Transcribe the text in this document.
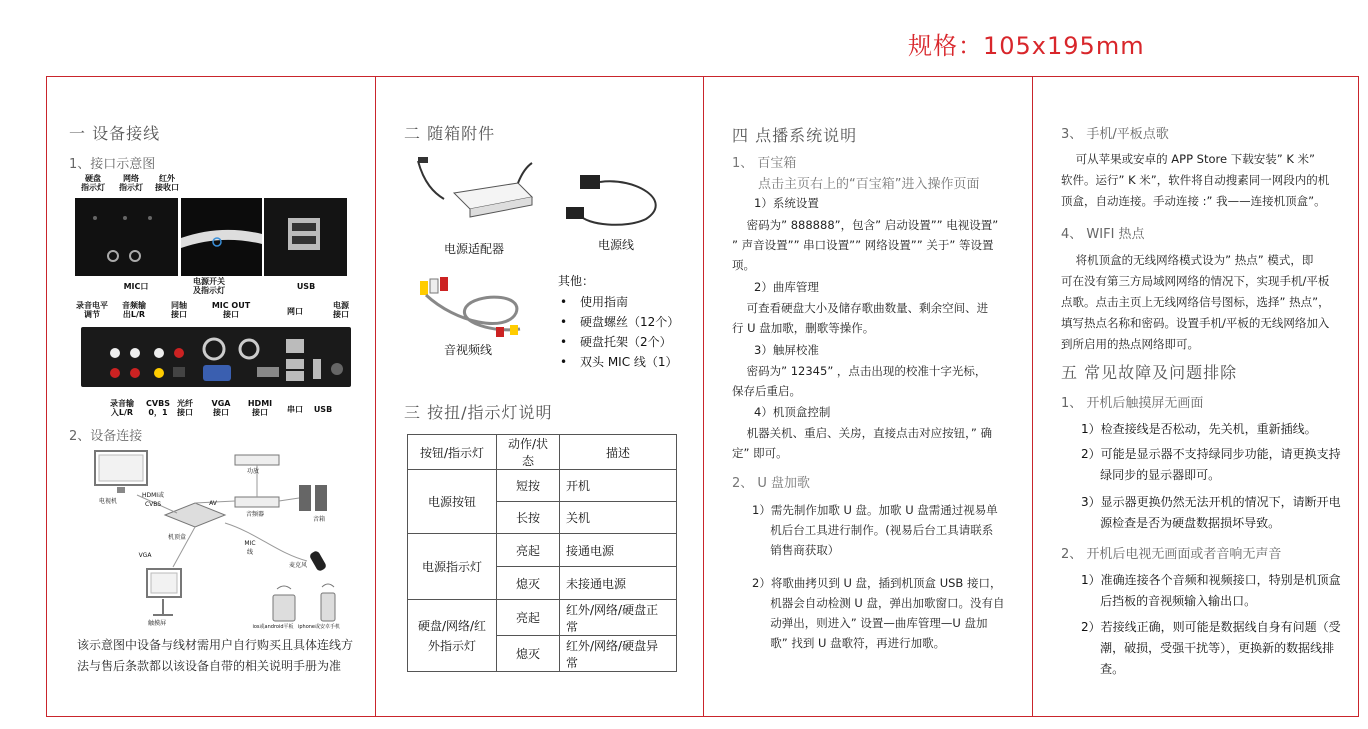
规格：105x195mm
一 设备接线
1、接口示意图
硬盘
指示灯
网络
指示灯
红外
接收口
MIC口
电源开关
及指示灯	USB
录音电平
调节
音频输
出L/R
同轴
接口
MIC OUT
接口	网口
电源
接口
录音输
入L/R
CVBS
0，1
光纤
接口
VGA
接口
HDMI
接口	串口	USB
2、设备连接
电视机
HDMI或
CVBS	AV
功放
音频器
音箱
机顶盒
VGA
MIC
线
麦克风
触摸屏	ios或android平板 iphone或安卓手机
该示意图中设备与线材需用户自行购买且具体连线方
法与售后条款都以该设备自带的相关说明手册为准
二 随箱附件
电源适配器	电源线
音视频线
其他：
• 使用指南
• 硬盘螺丝（12个）
• 硬盘托架（2个）
• 双头 MIC 线（1）
三 按扭/指示灯说明
按钮/指示灯	动作/状态	描述
电源按钮	短按	开机
	长按	关机
电源指示灯	亮起	接通电源
	熄灭	未接通电源
硬盘/网络/红
外指示灯	亮起	红外/网络/硬盘正常
	熄灭	红外/网络/硬盘异常
四 点播系统说明
1、 百宝箱
点击主页右上的“百宝箱”进入操作页面
1）系统设置
密码为” 888888”，包含” 启动设置”” 电视设置”
” 声音设置”” 串口设置”” 网络设置”” 关于” 等设置
项。
2）曲库管理
可查看硬盘大小及储存歌曲数量、剩余空间、进
行 U 盘加歌，删歌等操作。
3）触屏校准
密码为” 12345” ，点击出现的校准十字光标，
保存后重启。
4）机顶盒控制
机器关机、重启、关房，直接点击对应按钮，” 确
定” 即可。
2、 U 盘加歌
1）需先制作加歌 U 盘。加歌 U 盘需通过视易单
机后台工具进行制作。(视易后台工具请联系
销售商获取）
2）将歌曲拷贝到 U 盘，插到机顶盒 USB 接口，
机器会自动检测 U 盘，弹出加歌窗口。没有自
动弹出，则进入” 设置—曲库管理—U 盘加
歌” 找到 U 盘歌符，再进行加歌。
3、 手机/平板点歌
可从苹果或安卓的 APP Store 下载安装” K 米”
软件。运行” K 米”，软件将自动搜素同一网段内的机
顶盒，自动连接。手动连接 :” 我——连接机顶盒”。
4、 WIFI 热点
将机顶盒的无线网络模式设为” 热点” 模式，即
可在没有第三方局域网网络的情况下，实现手机/平板
点歌。点击主页上无线网络信号图标，选择” 热点”，
填写热点名称和密码。设置手机/平板的无线网络加入
到所启用的热点网络即可。
五 常见故障及问题排除
1、 开机后触摸屏无画面
1）检查接线是否松动，先关机，重新插线。
2）可能是显示器不支持绿同步功能，请更换支持
绿同步的显示器即可。
3）显示器更换仍然无法开机的情况下，请断开电
源检查是否为硬盘数据损坏导致。
2、 开机后电视无画面或者音响无声音
1）准确连接各个音频和视频接口，特别是机顶盒
后挡板的音视频输入输出口。
2）若接线正确，则可能是数据线自身有问题（受
潮，破损，受强干扰等），更换新的数据线排
查。
